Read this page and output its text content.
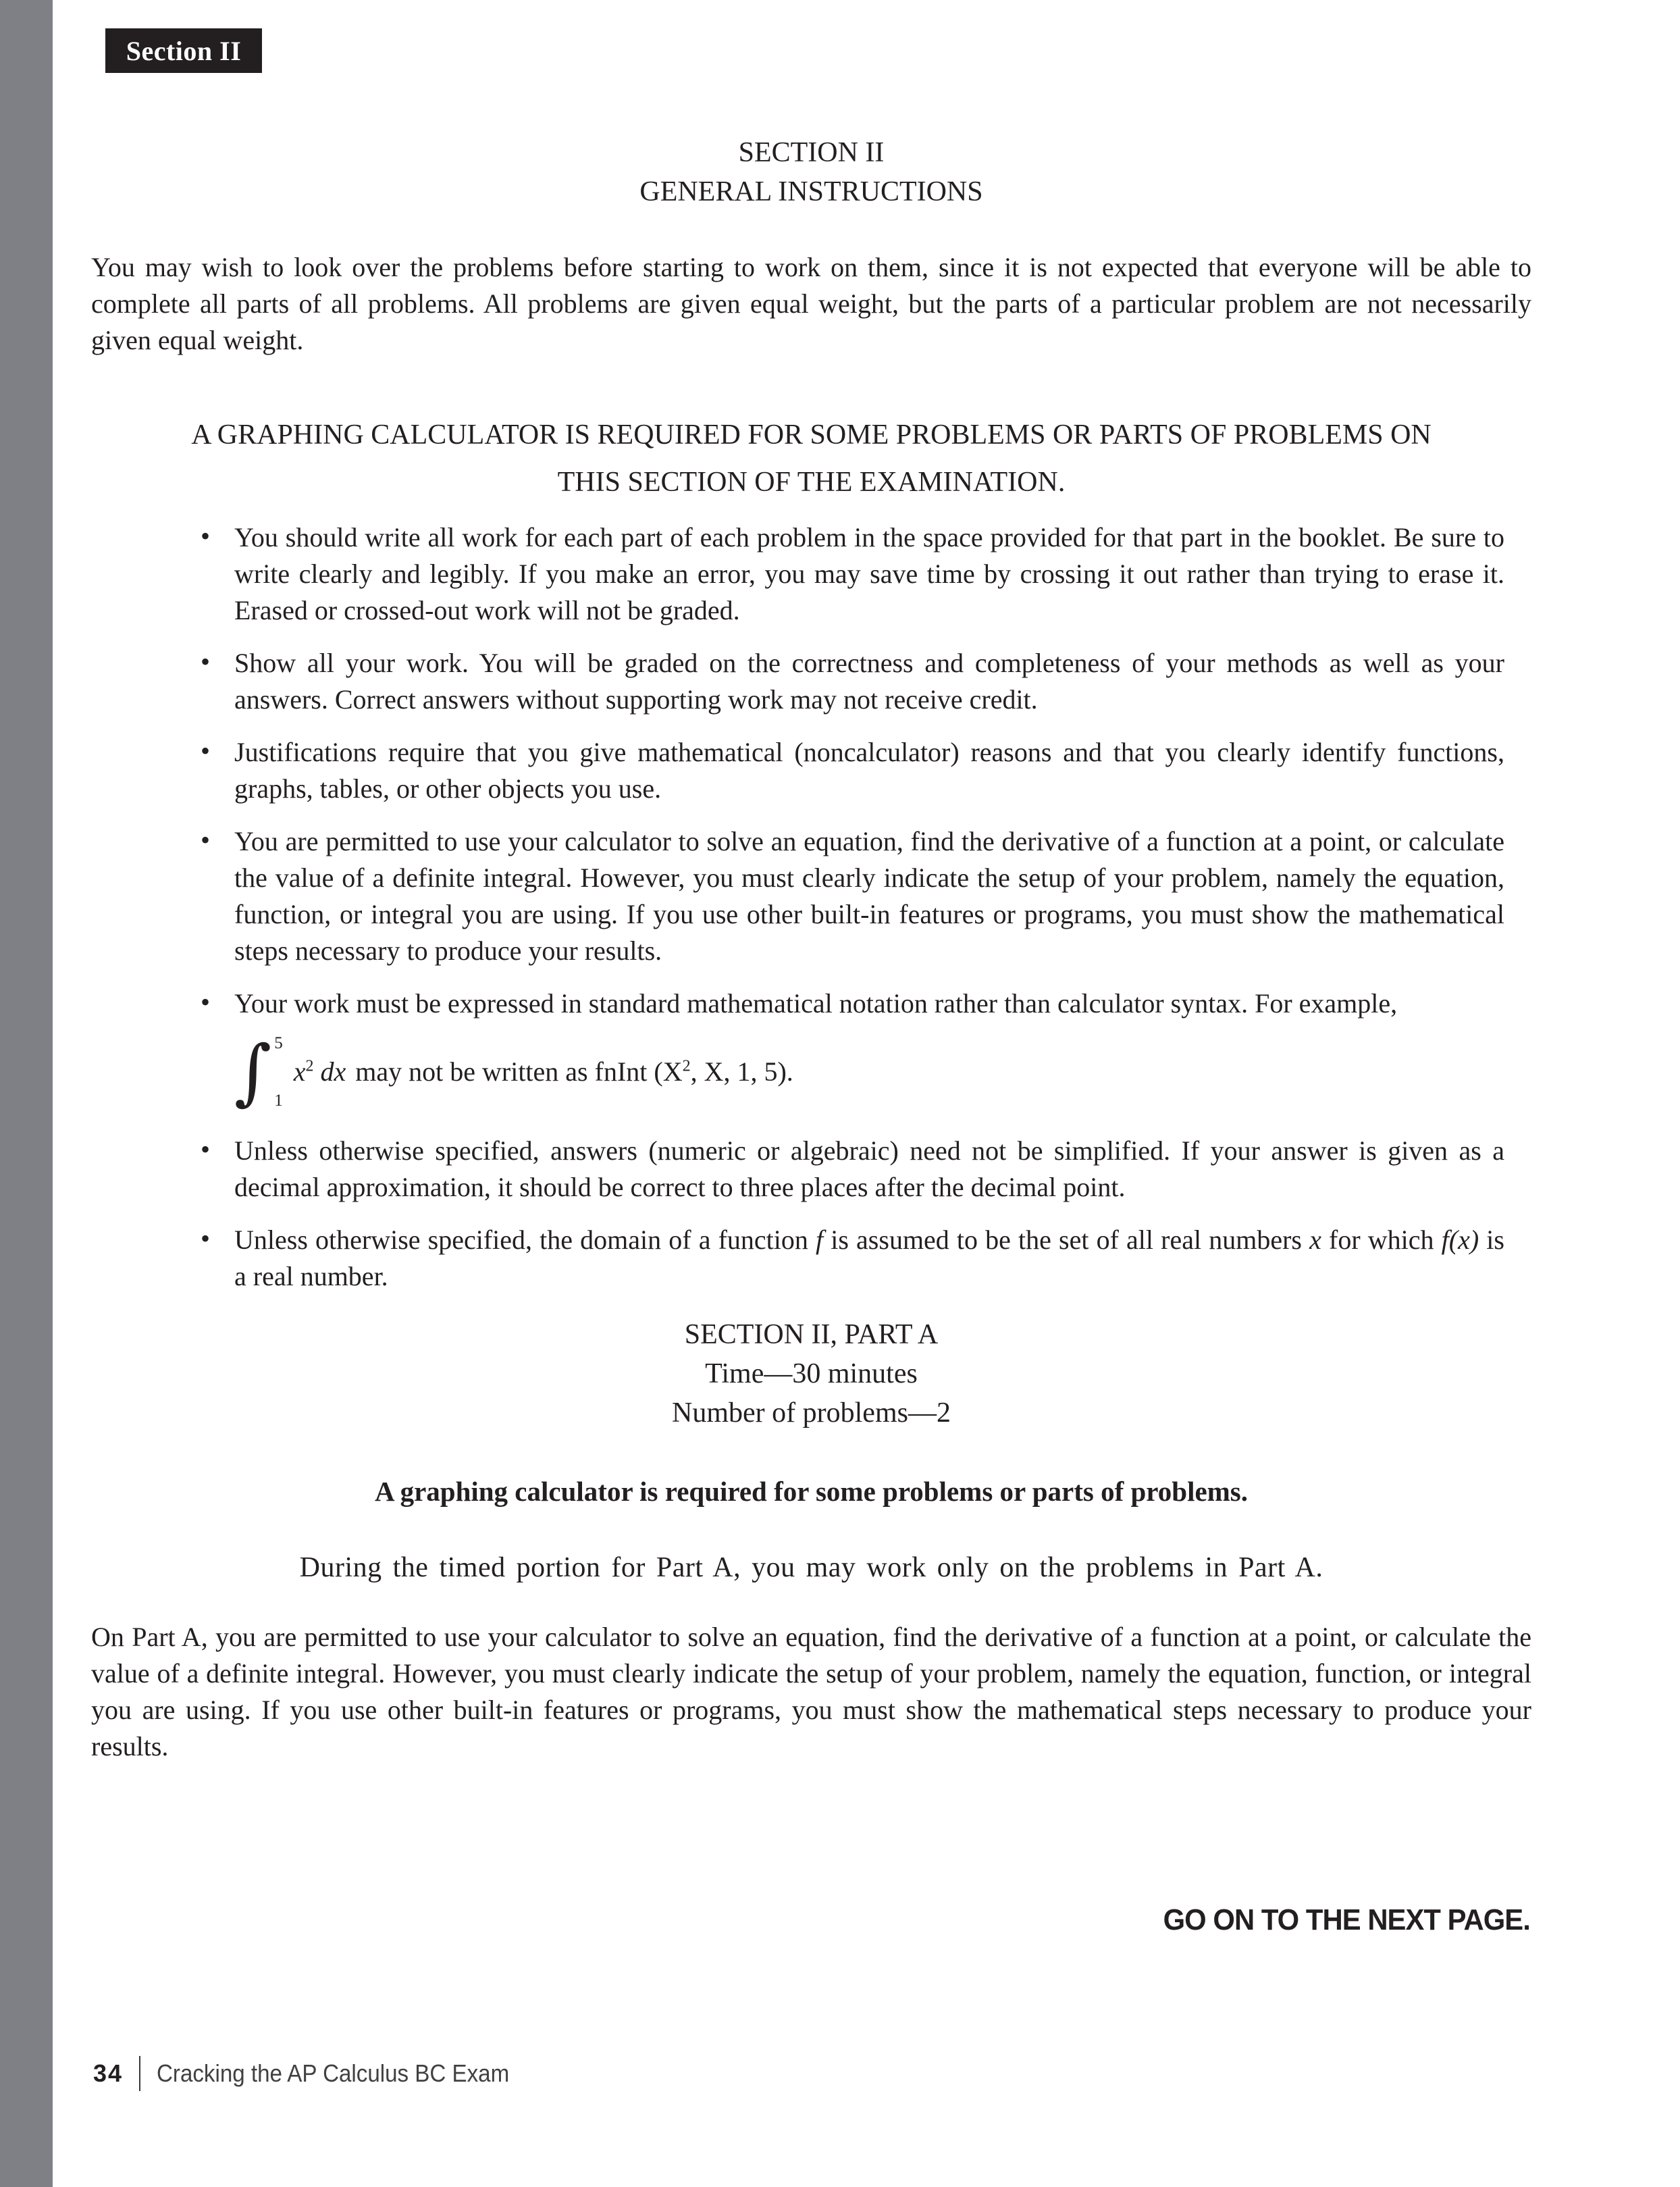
Section II
SECTION II
GENERAL INSTRUCTIONS

You may wish to look over the problems before starting to work on them, since it is not expected that everyone will be able to complete all parts of all problems. All problems are given equal weight, but the parts of a particular problem are not necessarily given equal weight.

A GRAPHING CALCULATOR IS REQUIRED FOR SOME PROBLEMS OR PARTS OF PROBLEMS ON
THIS SECTION OF THE EXAMINATION.
• You should write all work for each part of each problem in the space provided for that part in the booklet. Be sure to write clearly and legibly. If you make an error, you may save time by crossing it out rather than trying to erase it. Erased or crossed-out work will not be graded.
• Show all your work. You will be graded on the correctness and completeness of your methods as well as your answers. Correct answers without supporting work may not receive credit.
• Justifications require that you give mathematical (noncalculator) reasons and that you clearly identify functions, graphs, tables, or other objects you use.
• You are permitted to use your calculator to solve an equation, find the derivative of a function at a point, or calculate the value of a definite integral. However, you must clearly indicate the setup of your problem, namely the equation, function, or integral you are using. If you use other built-in features or programs, you must show the mathematical steps necessary to produce your results.
• Your work must be expressed in standard mathematical notation rather than calculator syntax. For example,
∫ 5
1
$x^2$ dx may not be written as fnInt ($X^2$, X, 1, 5).
• Unless otherwise specified, answers (numeric or algebraic) need not be simplified. If your answer is given as a decimal approximation, it should be correct to three places after the decimal point.
• Unless otherwise specified, the domain of a function f is assumed to be the set of all real numbers x for which f(x) is a real number.
SECTION II, PART A
Time—30 minutes
Number of problems—2

A graphing calculator is required for some problems or parts of problems.

During the timed portion for Part A, you may work only on the problems in Part A.

On Part A, you are permitted to use your calculator to solve an equation, find the derivative of a function at a point, or calculate the value of a definite integral. However, you must clearly indicate the setup of your problem, namely the equation, function, or integral you are using. If you use other built-in features or programs, you must show the mathematical steps necessary to produce your results.

GO ON TO THE NEXT PAGE.
34 Cracking the AP Calculus BC Exam
